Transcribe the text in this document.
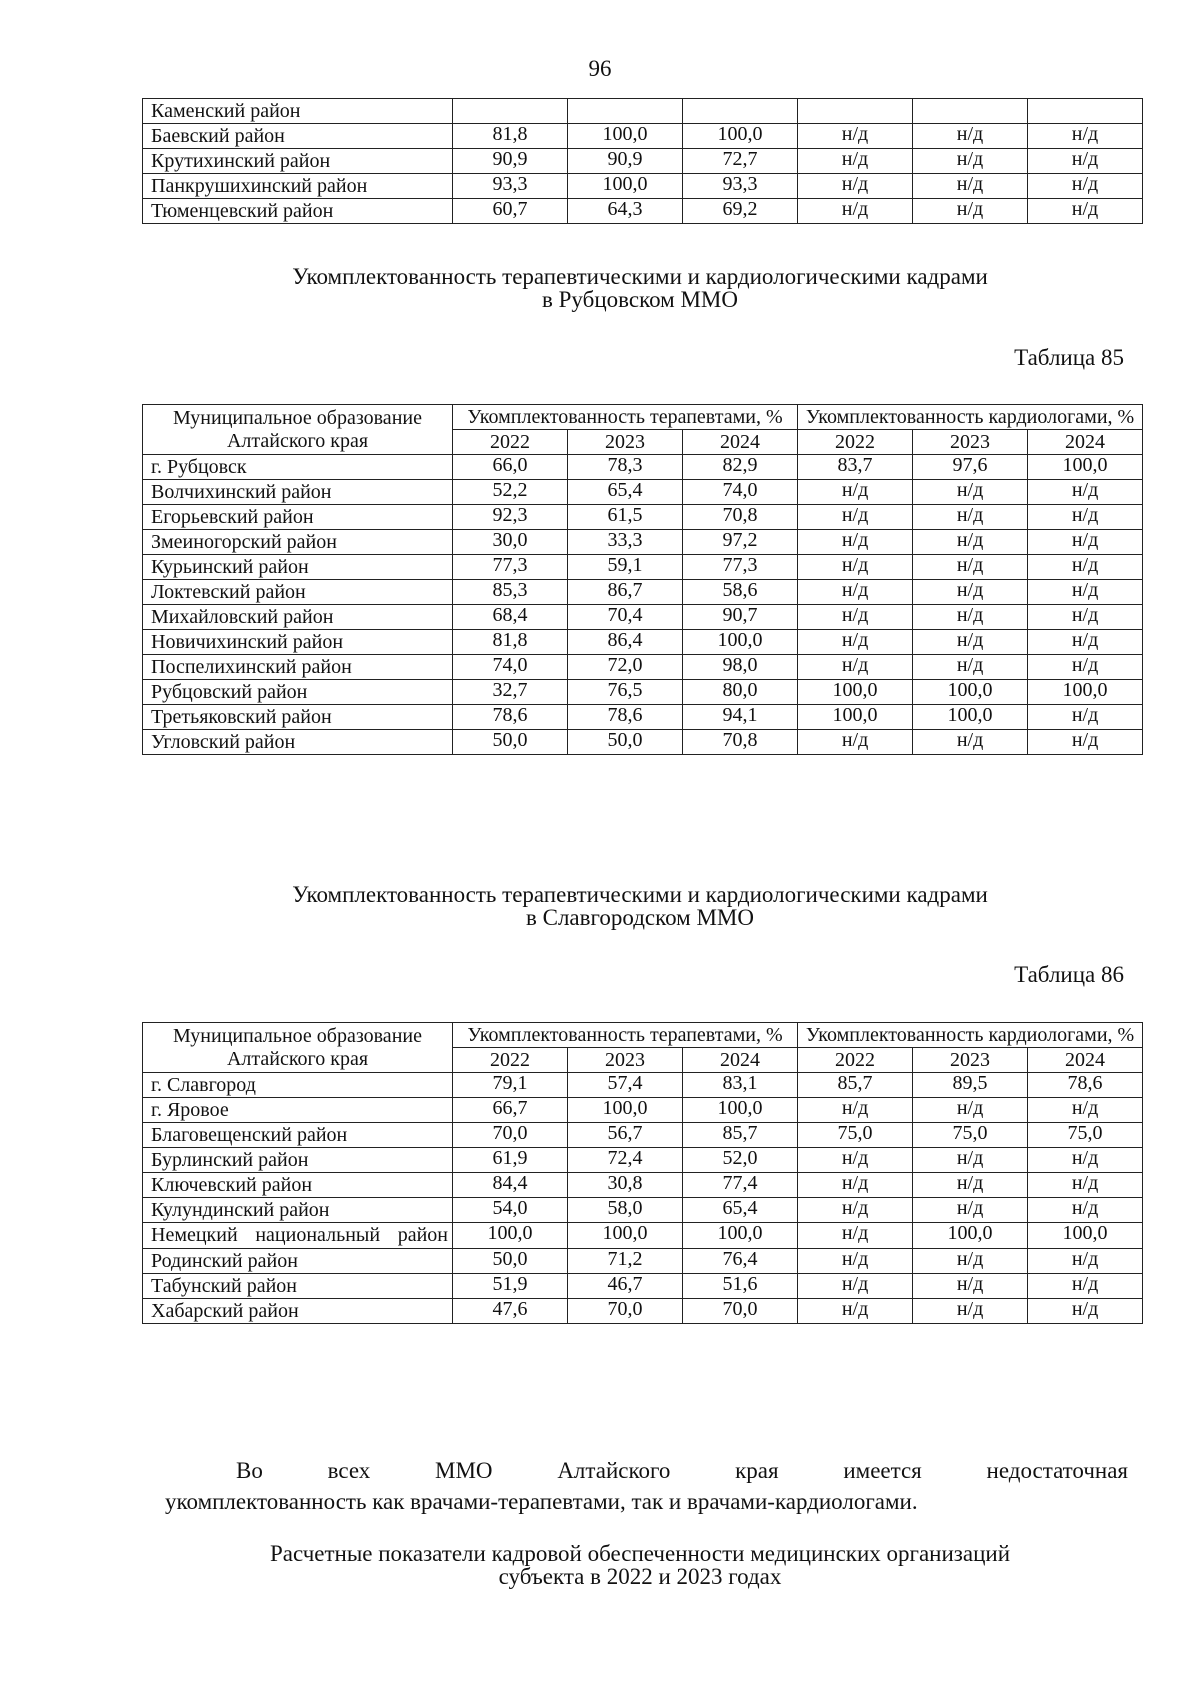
96
Каменский район						
Баевский район	81,8	100,0	100,0	н/д	н/д	н/д
Крутихинский район	90,9	90,9	72,7	н/д	н/д	н/д
Панкрушихинский район	93,3	100,0	93,3	н/д	н/д	н/д
Тюменцевский район	60,7	64,3	69,2	н/д	н/д	н/д
Укомплектованность терапевтическими и кардиологическими кадрами
в Рубцовском ММО
Таблица 85
Муниципальное образование Алтайского края	Укомплектованность терапевтами, %			Укомплектованность кардиологами, %		
	2022	2023	2024	2022	2023	2024
г. Рубцовск	66,0	78,3	82,9	83,7	97,6	100,0
Волчихинский район	52,2	65,4	74,0	н/д	н/д	н/д
Егорьевский район	92,3	61,5	70,8	н/д	н/д	н/д
Змеиногорский район	30,0	33,3	97,2	н/д	н/д	н/д
Курьинский район	77,3	59,1	77,3	н/д	н/д	н/д
Локтевский район	85,3	86,7	58,6	н/д	н/д	н/д
Михайловский район	68,4	70,4	90,7	н/д	н/д	н/д
Новичихинский район	81,8	86,4	100,0	н/д	н/д	н/д
Поспелихинский район	74,0	72,0	98,0	н/д	н/д	н/д
Рубцовский район	32,7	76,5	80,0	100,0	100,0	100,0
Третьяковский район	78,6	78,6	94,1	100,0	100,0	н/д
Угловский район	50,0	50,0	70,8	н/д	н/д	н/д
Укомплектованность терапевтическими и кардиологическими кадрами
в Славгородском ММО
Таблица 86
Муниципальное образование Алтайского края	Укомплектованность терапевтами, %			Укомплектованность кардиологами, %		
	2022	2023	2024	2022	2023	2024
г. Славгород	79,1	57,4	83,1	85,7	89,5	78,6
г. Яровое	66,7	100,0	100,0	н/д	н/д	н/д
Благовещенский район	70,0	56,7	85,7	75,0	75,0	75,0
Бурлинский район	61,9	72,4	52,0	н/д	н/д	н/д
Ключевский район	84,4	30,8	77,4	н/д	н/д	н/д
Кулундинский район	54,0	58,0	65,4	н/д	н/д	н/д
Немецкий национальный район	100,0	100,0	100,0	н/д	100,0	100,0
Родинский район	50,0	71,2	76,4	н/д	н/д	н/д
Табунский район	51,9	46,7	51,6	н/д	н/д	н/д
Хабарский район	47,6	70,0	70,0	н/д	н/д	н/д
Во всех ММО Алтайского края имеется недостаточная
укомплектованность как врачами-терапевтами, так и врачами-кардиологами.
Расчетные показатели кадровой обеспеченности медицинских организаций
субъекта в 2022 и 2023 годах
